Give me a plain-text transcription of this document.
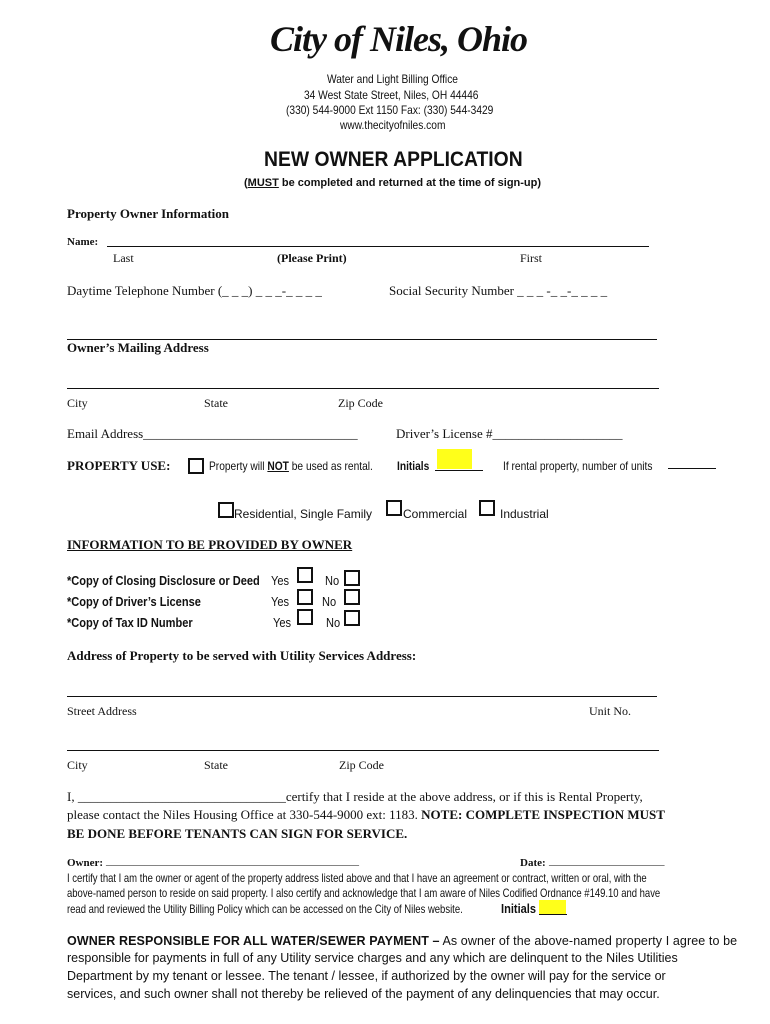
City of Niles, Ohio
Water and Light Billing Office
34 West State Street, Niles, OH 44446
(330) 544-9000 Ext 1150 Fax: (330) 544-3429
www.thecityofniles.com
NEW OWNER APPLICATION
(MUST be completed and returned at the time of sign-up)
Property Owner Information
Name:
Last	(Please Print)	First
Daytime Telephone Number (_ _ _) _ _ _-_ _ _ _	Social Security Number _ _ _ -_ _-_ _ _ _
Owner’s Mailing Address
City	State	Zip Code
Email Address_________________________________	Driver’s License #____________________
PROPERTY USE:	Property will NOT be used as rental. Initials	If rental property, number of units
Residential, Single Family	Commercial	Industrial
INFORMATION TO BE PROVIDED BY OWNER
*Copy of Closing Disclosure or Deed Yes	No
*Copy of Driver’s License	Yes	No
*Copy of Tax ID Number	Yes	No
Address of Property to be served with Utility Services Address:
Street Address	Unit No.
City	State	Zip Code
I, ________________________________certify that I reside at the above address, or if this is Rental Property,
please contact the Niles Housing Office at 330-544-9000 ext: 1183. NOTE: COMPLETE INSPECTION MUST
BE DONE BEFORE TENANTS CAN SIGN FOR SERVICE.
Owner: ______________________________________________	Date: _____________________
I certify that I am the owner or agent of the property address listed above and that I have an agreement or contract, written or oral, with the
above-named person to reside on said property. I also certify and acknowledge that I am aware of Niles Codified Ordnance #149.10 and have
read and reviewed the Utility Billing Policy which can be accessed on the City of Niles website.	Initials
OWNER RESPONSIBLE FOR ALL WATER/SEWER PAYMENT – As owner of the above-named property I agree to be
responsible for payments in full of any Utility service charges and any which are delinquent to the Niles Utilities
Department by my tenant or lessee. The tenant / lessee, if authorized by the owner will pay for the service or
services, and such owner shall not thereby be relieved of the payment of any delinquencies that may occur.
